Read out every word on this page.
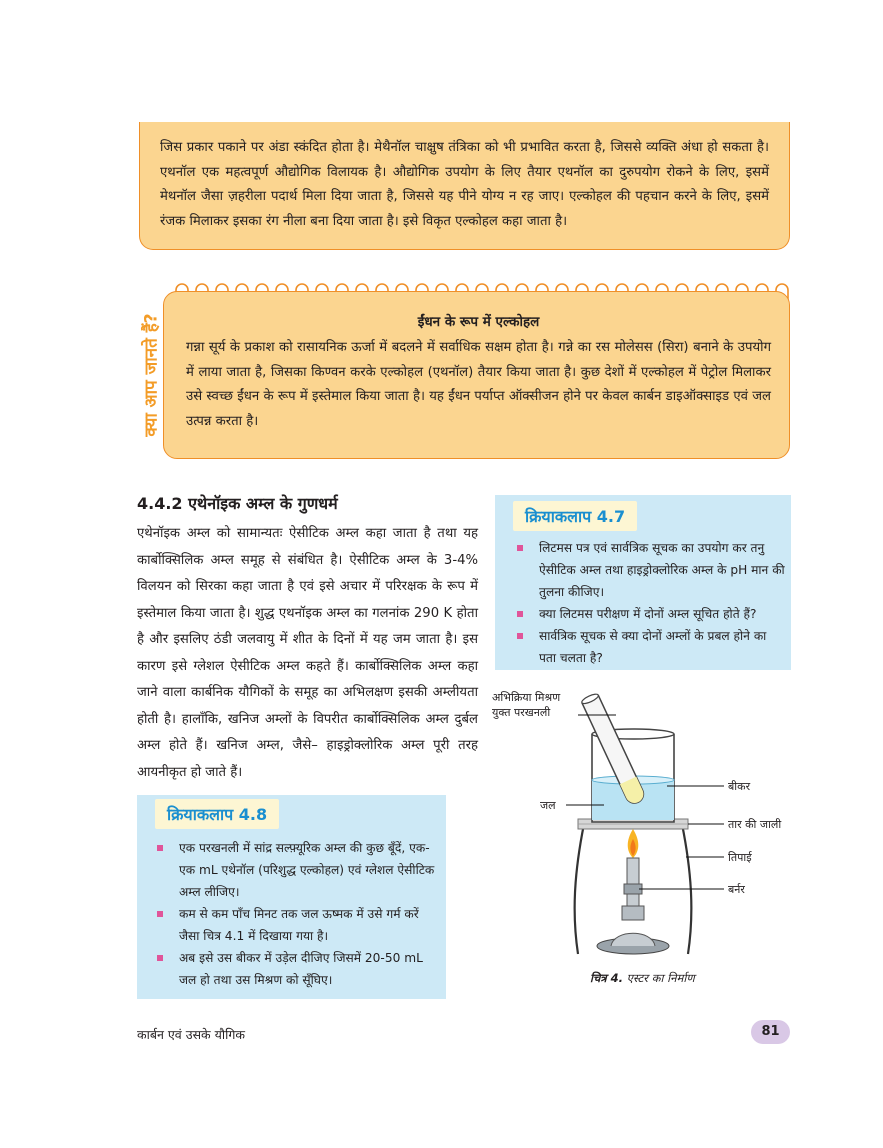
जिस प्रकार पकाने पर अंडा स्कंदित होता है। मेथैनॉल चाक्षुष तंत्रिका को भी प्रभावित करता है, जिससे व्यक्ति अंधा हो सकता है। एथनॉल एक महत्वपूर्ण औद्योगिक विलायक है। औद्योगिक उपयोग के लिए तैयार एथनॉल का दुरुपयोग रोकने के लिए, इसमें मेथनॉल जैसा ज़हरीला पदार्थ मिला दिया जाता है, जिससे यह पीने योग्य न रह जाए। एल्कोहल की पहचान करने के लिए, इसमें रंजक मिलाकर इसका रंग नीला बना दिया जाता है। इसे विकृत एल्कोहल कहा जाता है।

क्या आप जानते हैं?	ईंधन के रूप में एल्कोहल

गन्ना सूर्य के प्रकाश को रासायनिक ऊर्जा में बदलने में सर्वाधिक सक्षम होता है। गन्ने का रस मोलेसस (सिरा) बनाने के उपयोग में लाया जाता है, जिसका किण्वन करके एल्कोहल (एथनॉल) तैयार किया जाता है। कुछ देशों में एल्कोहल में पेट्रोल मिलाकर उसे स्वच्छ ईंधन के रूप में इस्तेमाल किया जाता है। यह ईंधन पर्याप्त ऑक्सीजन होने पर केवल कार्बन डाइऑक्साइड एवं जल उत्पन्न करता है।

4.4.2 एथेनॉइक अम्ल के गुणधर्म

एथेनॉइक अम्ल को सामान्यतः ऐसीटिक अम्ल कहा जाता है तथा यह कार्बोक्सिलिक अम्ल समूह से संबंधित है। ऐसीटिक अम्ल के 3-4% विलयन को सिरका कहा जाता है एवं इसे अचार में परिरक्षक के रूप में इस्तेमाल किया जाता है। शुद्ध एथनॉइक अम्ल का गलनांक 290 K होता है और इसलिए ठंडी जलवायु में शीत के दिनों में यह जम जाता है। इस कारण इसे ग्लेशल ऐसीटिक अम्ल कहते हैं। कार्बोक्सिलिक अम्ल कहा जाने वाला कार्बनिक यौगिकों के समूह का अभिलक्षण इसकी अम्लीयता होती है। हालाँकि, खनिज अम्लों के विपरीत कार्बोक्सिलिक अम्ल दुर्बल अम्ल होते हैं। खनिज अम्ल, जैसे– हाइड्रोक्लोरिक अम्ल पूरी तरह आयनीकृत हो जाते हैं।

क्रियाकलाप 4.7
लिटमस पत्र एवं सार्वत्रिक सूचक का उपयोग कर तनु ऐसीटिक अम्ल तथा हाइड्रोक्लोरिक अम्ल के pH मान की तुलना कीजिए।
क्या लिटमस परीक्षण में दोनों अम्ल सूचित होते हैं?
सार्वत्रिक सूचक से क्या दोनों अम्लों के प्रबल होने का पता चलता है?
अभिक्रिया मिश्रण युक्त परखनली
बीकर
जल
तार की जाली
तिपाई
बर्नर
चित्र 4. एस्टर का निर्माण
क्रियाकलाप 4.8
एक परखनली में सांद्र सल्फ़्यूरिक अम्ल की कुछ बूँदें, एक-एक mL एथेनॉल (परिशुद्ध एल्कोहल) एवं ग्लेशल ऐसीटिक अम्ल लीजिए।
कम से कम पाँच मिनट तक जल ऊष्मक में उसे गर्म करें जैसा चित्र 4.1 में दिखाया गया है।
अब इसे उस बीकर में उड़ेल दीजिए जिसमें 20-50 mL जल हो तथा उस मिश्रण को सूँघिए।
कार्बन एवं उसके यौगिक	81
